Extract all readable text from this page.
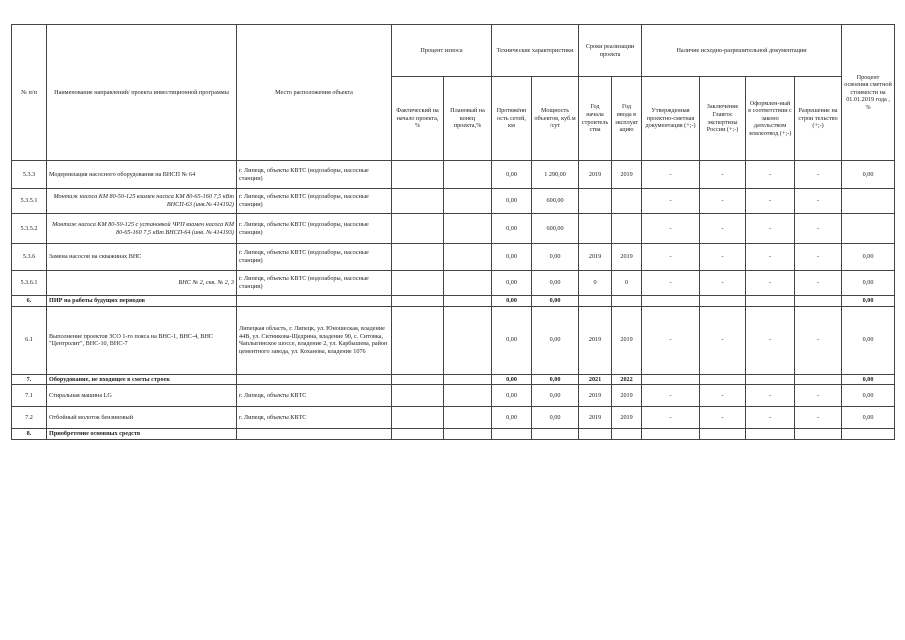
№ п/п	Наименование направлений/ проекта инвестиционной программы	Место расположения объекта	Процент износа		Технические характеристики		Сроки реализации проекта		Наличие исходно-разрешительной документации				Процент освоения сметной стоимости на 01.01.2019 года , %
			Фактический на начало проекта, %	Плановый на конец проекта,%	Протяжённ ость сетей, км	Мощность объектов, куб.м /сут	Год начала строитель ства	Год ввода в эксплуат ацию	Утвержденная проектно-сметная документация (+;-)	Заключение Главгос экспертизы России (+;-)	Оформлен-ный в соответствии с законо дательством землеотвод (+;-)	Разрешение на строи тельство (+;-)	
5.3.3	Модернизация насосного оборудования на ВНСП № 64	г. Липецк, объекты КВТС (водозаборы, насосные станции)			0,00	1 290,00	2019	2019	-	-	-	-	0,00
5.3.5.1	Монтаж насоса КМ 80-50-125 взамен насоса КМ 80-65-160 7,5 кВт ВНСП-63 (инв.№ 414192)	г. Липецк, объекты КВТС (водозаборы, насосные станции)			0,00	600,00			-	-	-	-	
5.3.5.2	Монтаж насоса КМ 80-50-125 с установкой ЧРП взамен насоса КМ 80-65-160 7,5 кВт ВНСП-64 (инв. № 414193)	г. Липецк, объекты КВТС (водозаборы, насосные станции)			0,00	600,00			-	-	-	-	
5.3.6	Замена насосов на скважинах ВНС	г. Липецк, объекты КВТС (водозаборы, насосные станции)			0,00	0,00	2019	2019	-	-	-	-	0,00
5.3.6.1	ВНС № 2, скв. № 2, 3	г. Липецк, объекты КВТС (водозаборы, насосные станции)			0,00	0,00	0	0	-	-	-	-	0,00
6.	ПИР на работы будущих периодов				0,00	0,00							0,00
6.1	Выполнение проектов ЗСО 1-го пояса на ВНС-1, ВНС-4, ВНС "Центролит", ВНС-10, ВНС-7	Липецкая область, г. Липецк, ул. Юношеская, владение 44В, ул. Ситникова-Щедрина, владение 90, с. Ситовка, Чаплыгинское шоссе, владение 2, ул. Карбышева, район цементного завода, ул. Коханова, владение 1076			0,00	0,00	2019	2019	-	-	-	-	0,00
7.	Оборудование, не входящее в сметы строек				0,00	0,00	2021	2022					0,00
7.1	Стиральная машина LG	г. Липецк, объекты КВТС			0,00	0,00	2019	2019	-	-	-	-	0,00
7.2	Отбойный молоток бензиновый	г. Липецк, объекты КВТС			0,00	0,00	2019	2019	-	-	-	-	0,00
8.	Приобретение основных средств												
